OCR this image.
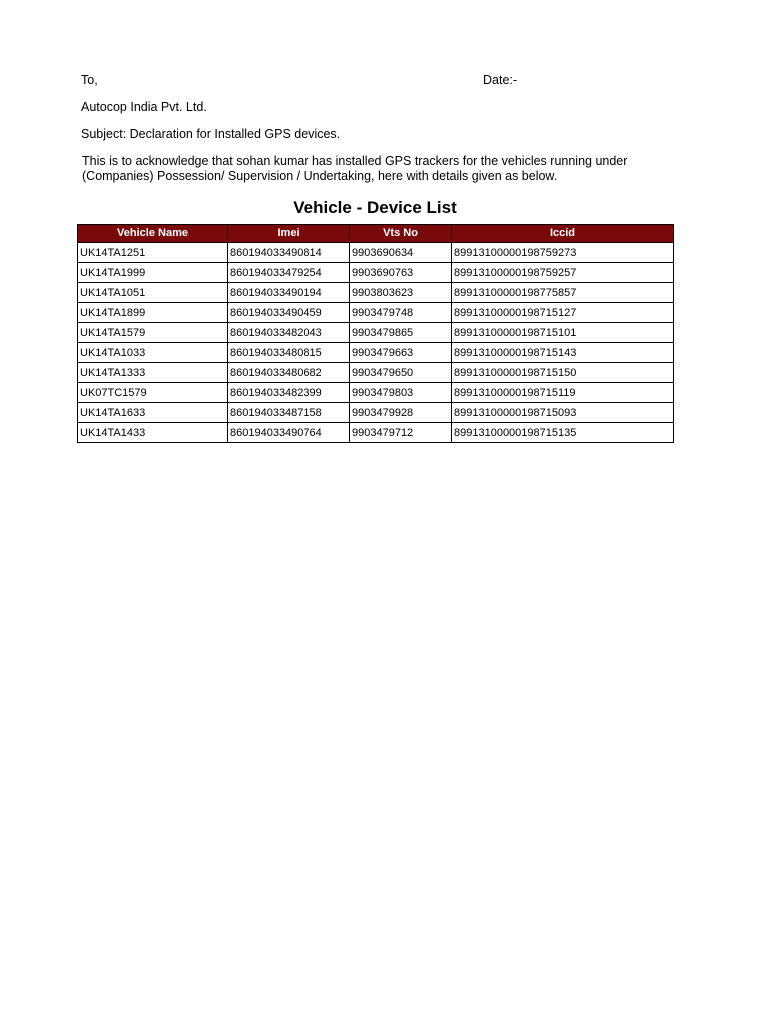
To,	Date:-
Autocop India Pvt. Ltd.
Subject: Declaration for Installed GPS devices.
This is to acknowledge that sohan kumar has installed GPS trackers for the vehicles running under
(Companies) Possession/ Supervision / Undertaking, here with details given as below.
Vehicle - Device List
Vehicle Name	Imei	Vts No	Iccid
UK14TA1251	860194033490814	9903690634	89913100000198759273
UK14TA1999	860194033479254	9903690763	89913100000198759257
UK14TA1051	860194033490194	9903803623	89913100000198775857
UK14TA1899	860194033490459	9903479748	89913100000198715127
UK14TA1579	860194033482043	9903479865	89913100000198715101
UK14TA1033	860194033480815	9903479663	89913100000198715143
UK14TA1333	860194033480682	9903479650	89913100000198715150
UK07TC1579	860194033482399	9903479803	89913100000198715119
UK14TA1633	860194033487158	9903479928	89913100000198715093
UK14TA1433	860194033490764	9903479712	89913100000198715135
